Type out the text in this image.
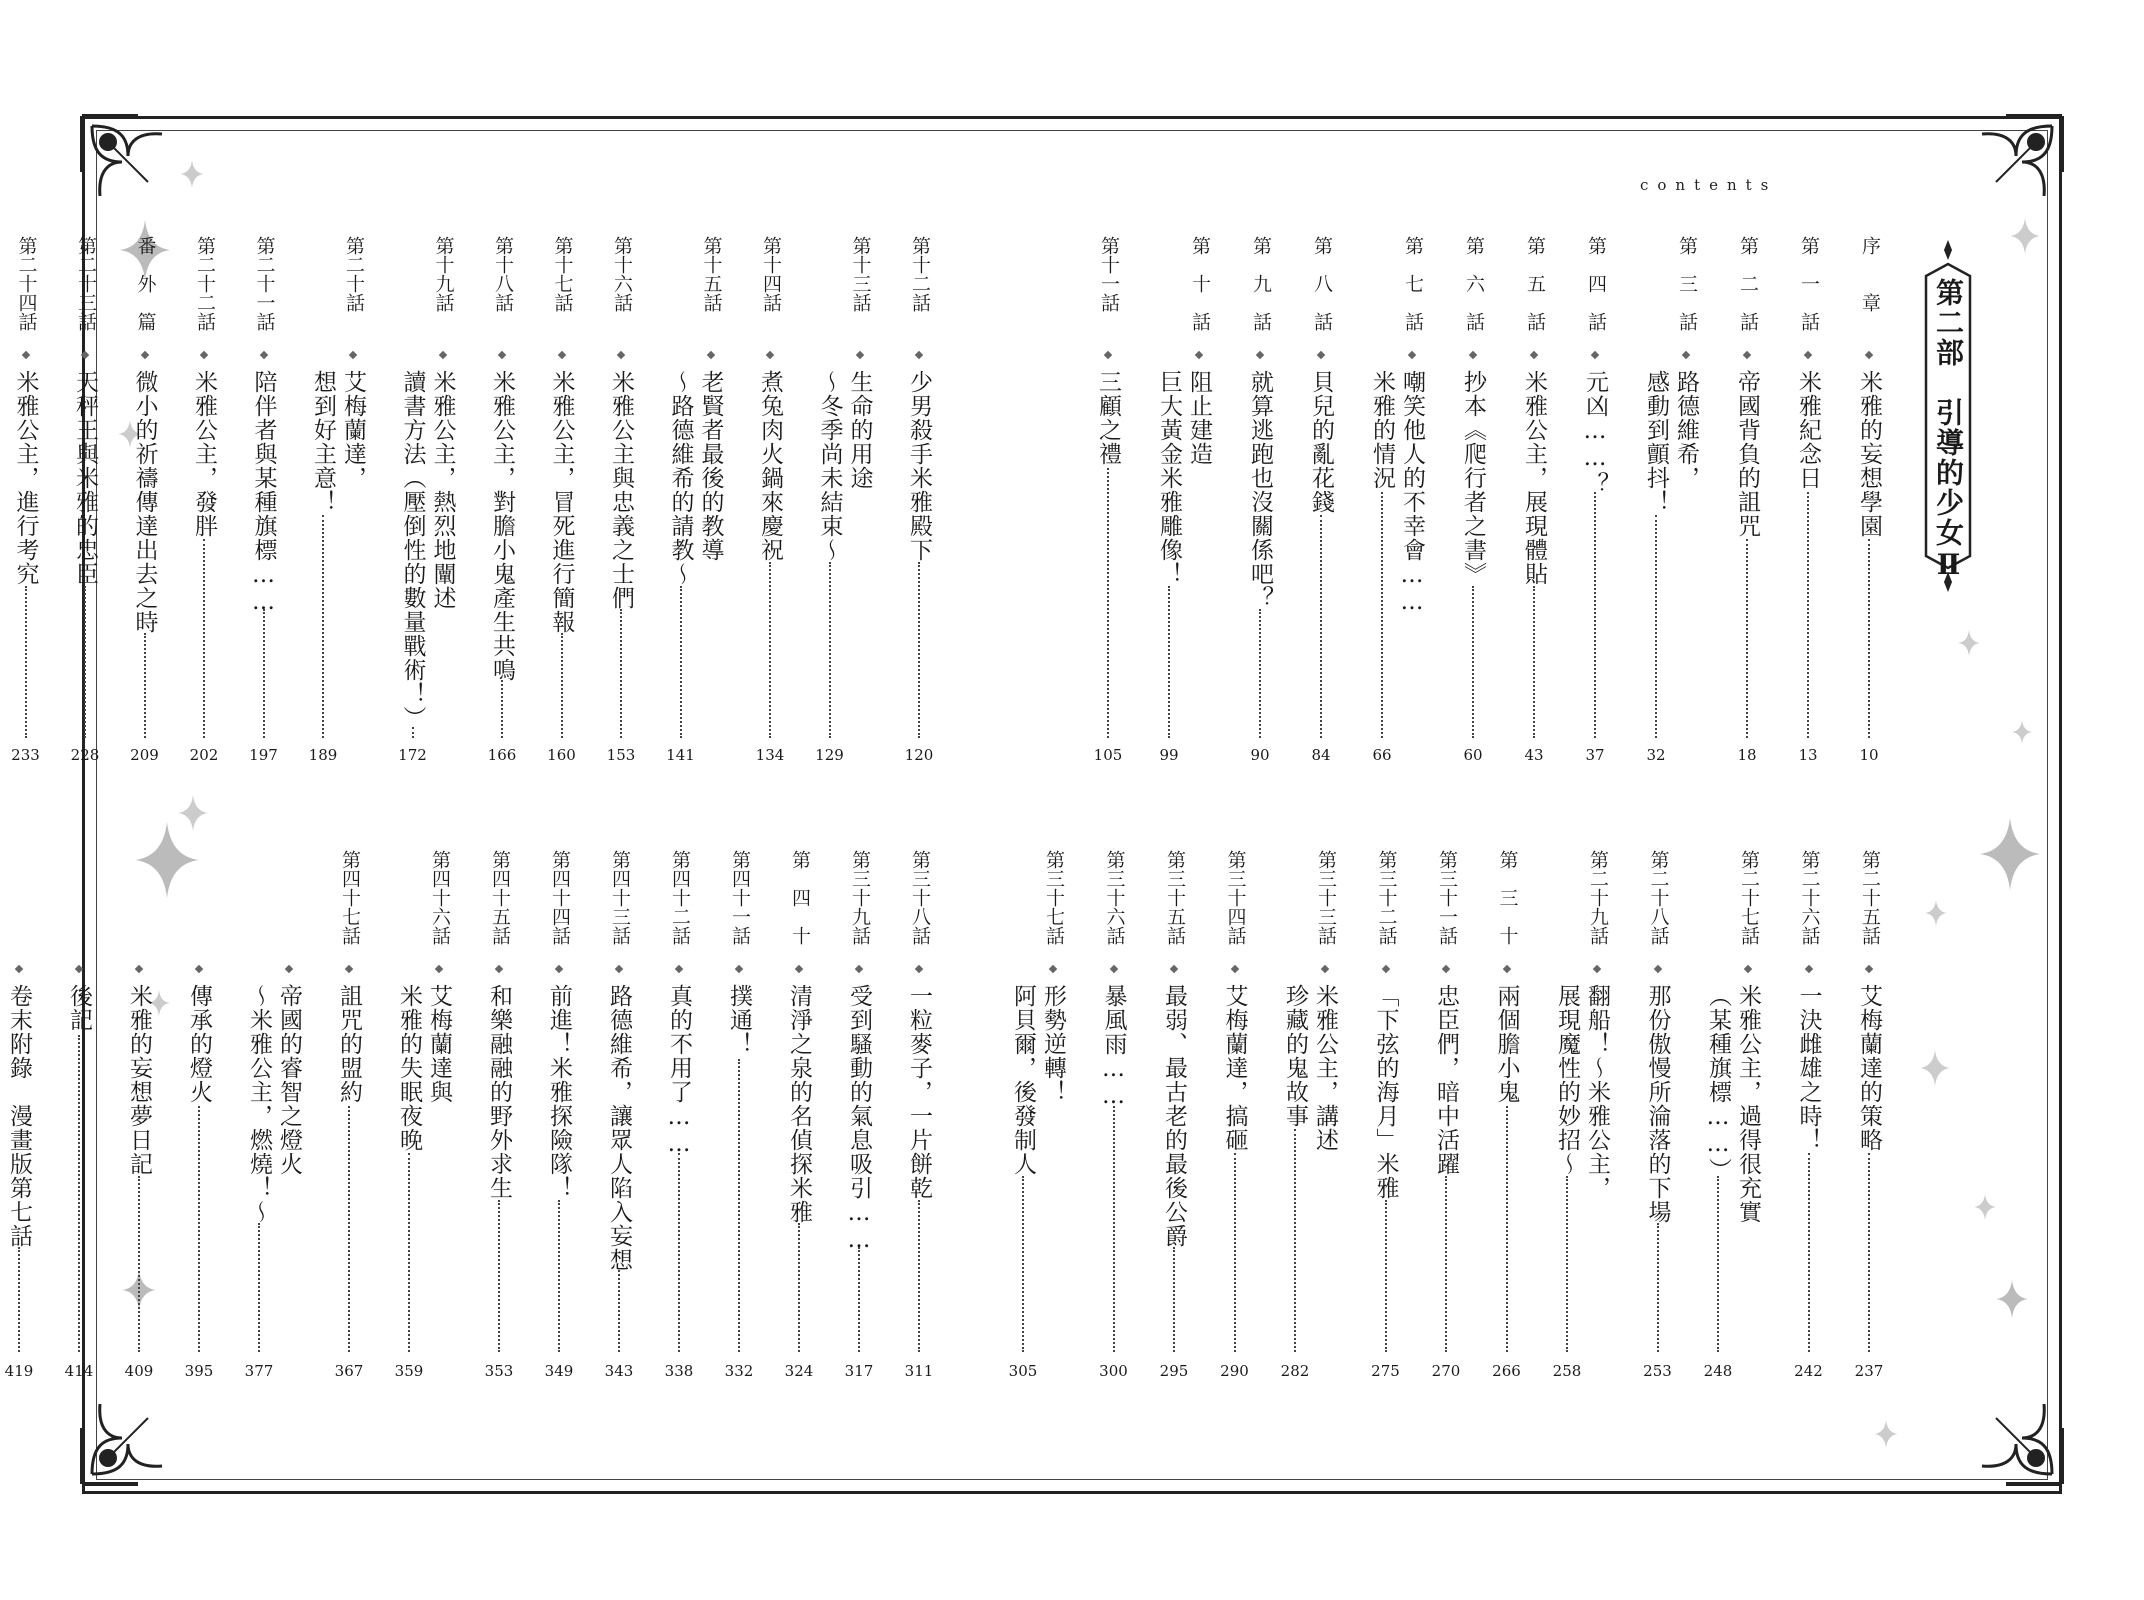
contents
第二部　引導的少女Ⅱ
序　　章
米雅的妄想學園
10
第　一　話
米雅紀念日
13
第　二　話
帝國背負的詛咒
18
第　三　話
路德維希，
感動到顫抖！
32
第　四　話
元凶……？
37
第　五　話
米雅公主，展現體貼
43
第　六　話
抄本《爬行者之書》
60
第　七　話
嘲笑他人的不幸會……
米雅的情況
66
第　八　話
貝兒的亂花錢
84
第　九　話
就算逃跑也沒關係吧？
90
第　十　話
阻止建造
巨大黃金米雅雕像！
99
第十一話
三顧之禮
105
第十二話
少男殺手米雅殿下
120
第十三話
生命的用途
～冬季尚未結束～
129
第十四話
煮兔肉火鍋來慶祝
134
第十五話
老賢者最後的教導
～路德維希的請教～
141
第十六話
米雅公主與忠義之士們
153
第十七話
米雅公主，冒死進行簡報
160
第十八話
米雅公主，對膽小鬼產生共鳴
166
第十九話
米雅公主，熱烈地闡述
讀書方法（壓倒性的數量戰術！）
172
第二十話
艾梅蘭達，
想到好主意！
189
第二十一話
陪伴者與某種旗標……
197
第二十二話
米雅公主，發胖
202
番　外　篇
微小的祈禱傳達出去之時
209
第二十三話
天秤王與米雅的忠臣
228
第二十四話
米雅公主，進行考究
233
第二十五話
艾梅蘭達的策略
237
第二十六話
一決雌雄之時！
242
第二十七話
米雅公主，過得很充實
（某種旗標……）
248
第二十八話
那份傲慢所淪落的下場
253
第二十九話
翻船！～米雅公主，
展現魔性的妙招～
258
第　三　十
兩個膽小鬼
266
第三十一話
忠臣們，暗中活躍
270
第三十二話
「下弦的海月」米雅
275
第三十三話
米雅公主，講述
珍藏的鬼故事
282
第三十四話
艾梅蘭達，搞砸
290
第三十五話
最弱、最古老的最後公爵
295
第三十六話
暴風雨……
300
第三十七話
形勢逆轉！
阿貝爾，後發制人
305
第三十八話
一粒麥子，一片餅乾
311
第三十九話
受到騷動的氣息吸引……
317
第　四　十
清淨之泉的名偵探米雅
324
第四十一話
撲通！
332
第四十二話
真的不用了……
338
第四十三話
路德維希，讓眾人陷入妄想
343
第四十四話
前進！米雅探險隊！
349
第四十五話
和樂融融的野外求生
353
第四十六話
艾梅蘭達與
米雅的失眠夜晚
359
第四十七話
詛咒的盟約
367
帝國的睿智之燈火
～米雅公主，燃燒！～
377
傳承的燈火
395
米雅的妄想夢日記
409
後記
414
卷末附錄　漫畫版第七話
419
